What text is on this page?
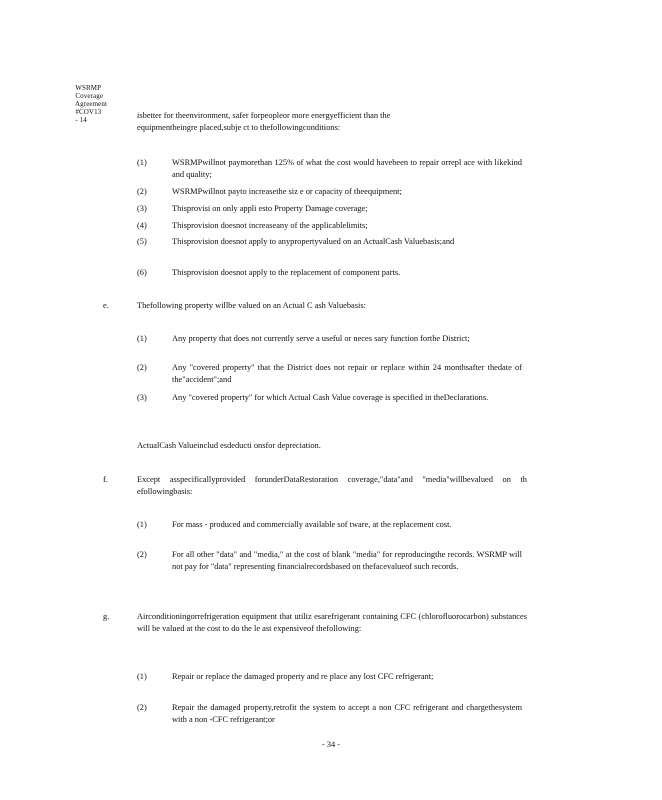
WSRMP
Coverage
Agreement
#COV13
- 14
	isbetter for theenvironment, safer forpeopleor more energyefficient than the
equipmentbeingre placed,subje ct to thefollowingconditions:
(1)	WSRMPwillnot paymorethan 125% of what the cost would havebeen to repair orrepl ace with likekind and quality;
(2)	WSRMPwillnot payto increasethe siz e or capacity of theequipment;
(3)	Thisprovisi on only appli esto Property Damage coverage;
(4)	Thisprovision doesnot increaseany of the applicablelimits;
(5)	Thisprovision doesnot apply to anypropertyvalued on an ActualCash Valuebasis;and
(6)	Thisprovision doesnot apply to the replacement of component parts.
e.	Thefollowing property willbe valued on an Actual C ash Valuebasis:
(1)	Any property that does not currently serve a useful or neces sary function forthe District;
(2)	Any "covered property" that the District does not repair or replace within 24 monthsafter thedate of the"accident";and
(3)	Any "covered property" for which Actual Cash Value coverage is specified in theDeclarations.
ActualCash Valueinclud esdeducti onsfor depreciation.
f.	Except asspecificallyprovided forunderDataRestoration coverage,"data"and "media"willbevalued on th efollowingbasis:
(1)	For mass - produced and commercially available sof tware, at the replacement cost.
(2)	For all other "data" and "media," at the cost of blank "media" for reproducingthe records. WSRMP will not pay for "data" representing financialrecordsbased on thefacevalueof such records.
g.	Airconditioningorrefrigeration equipment that utiliz esarefrigerant containing CFC (chlorofluorocarbon) substances will be valued at the cost to do the le ast expensiveof thefollowing:
(1)	Repair or replace the damaged property and re place any lost CFC refrigerant;
(2)	Repair the damaged property,retrofit the system to accept a non CFC refrigerant and chargethesystem with a non -CFC refrigerant;or
- 34 -
